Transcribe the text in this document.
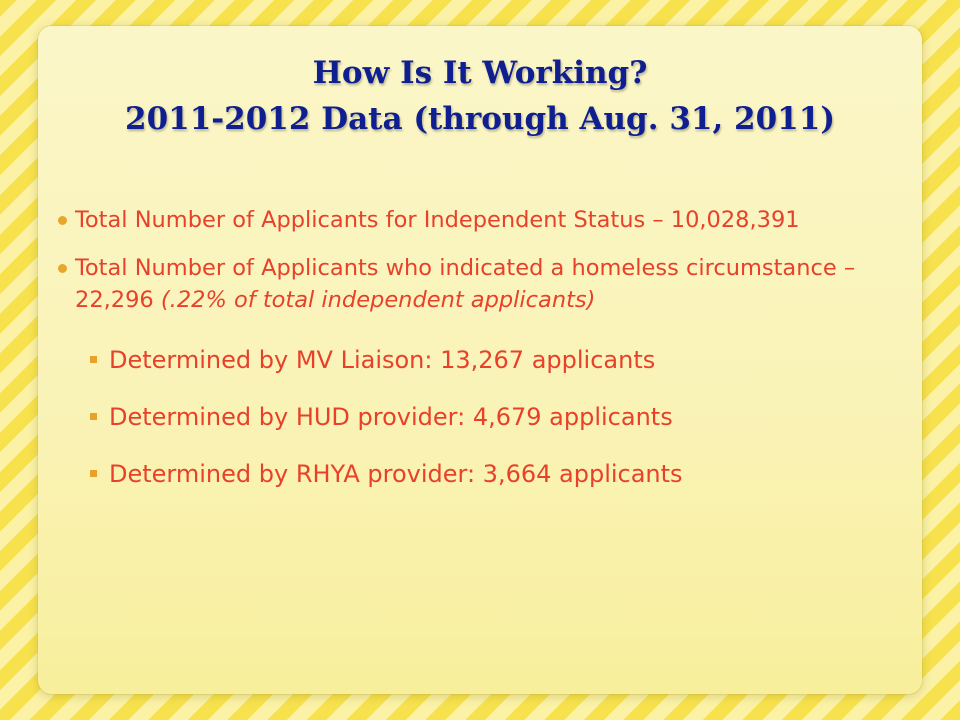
How Is It Working?
2011-2012 Data (through Aug. 31, 2011)
Total Number of Applicants for Independent Status – 10,028,391
Total Number of Applicants who indicated a homeless circumstance – 22,296 (.22% of total independent applicants)
Determined by MV Liaison: 13,267 applicants
Determined by HUD provider: 4,679 applicants
Determined by RHYA provider: 3,664 applicants
